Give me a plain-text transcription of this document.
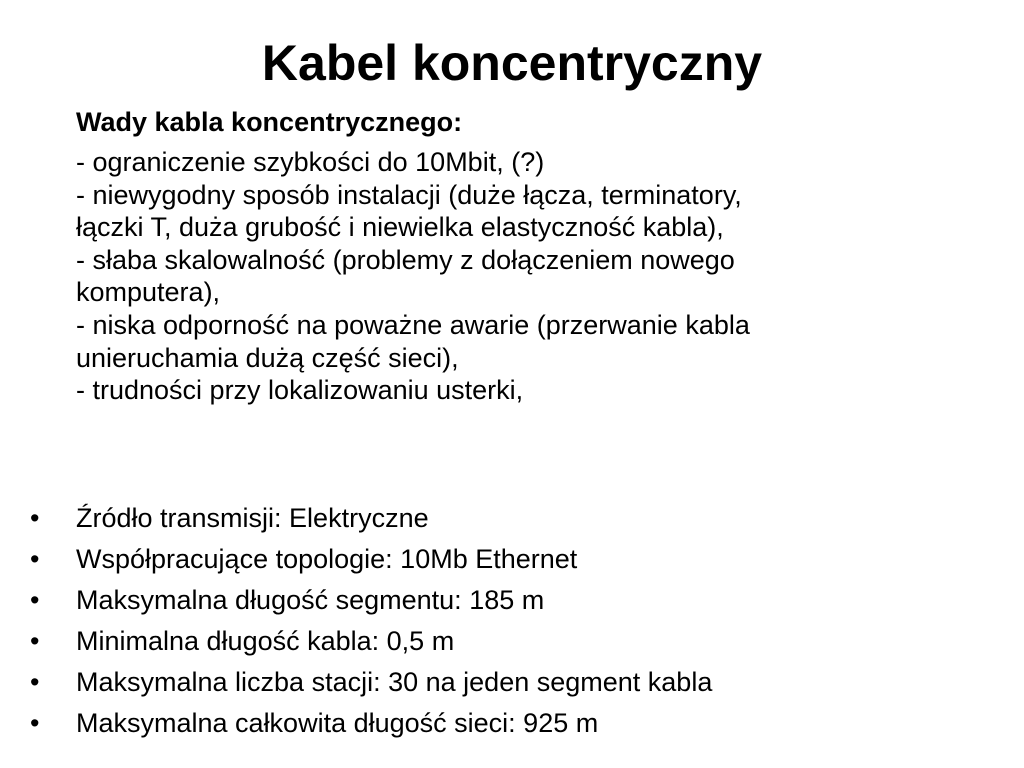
Kabel koncentryczny
Wady kabla koncentrycznego:
- ograniczenie szybkości do 10Mbit, (?)
- niewygodny sposób instalacji (duże łącza, terminatory,
łączki T, duża grubość i niewielka elastyczność kabla),
- słaba skalowalność (problemy z dołączeniem nowego
komputera),
- niska odporność na poważne awarie (przerwanie kabla
unieruchamia dużą część sieci),
- trudności przy lokalizowaniu usterki,
• Źródło transmisji: Elektryczne
• Współpracujące topologie: 10Mb Ethernet
• Maksymalna długość segmentu: 185 m
• Minimalna długość kabla: 0,5 m
• Maksymalna liczba stacji: 30 na jeden segment kabla
• Maksymalna całkowita długość sieci: 925 m
